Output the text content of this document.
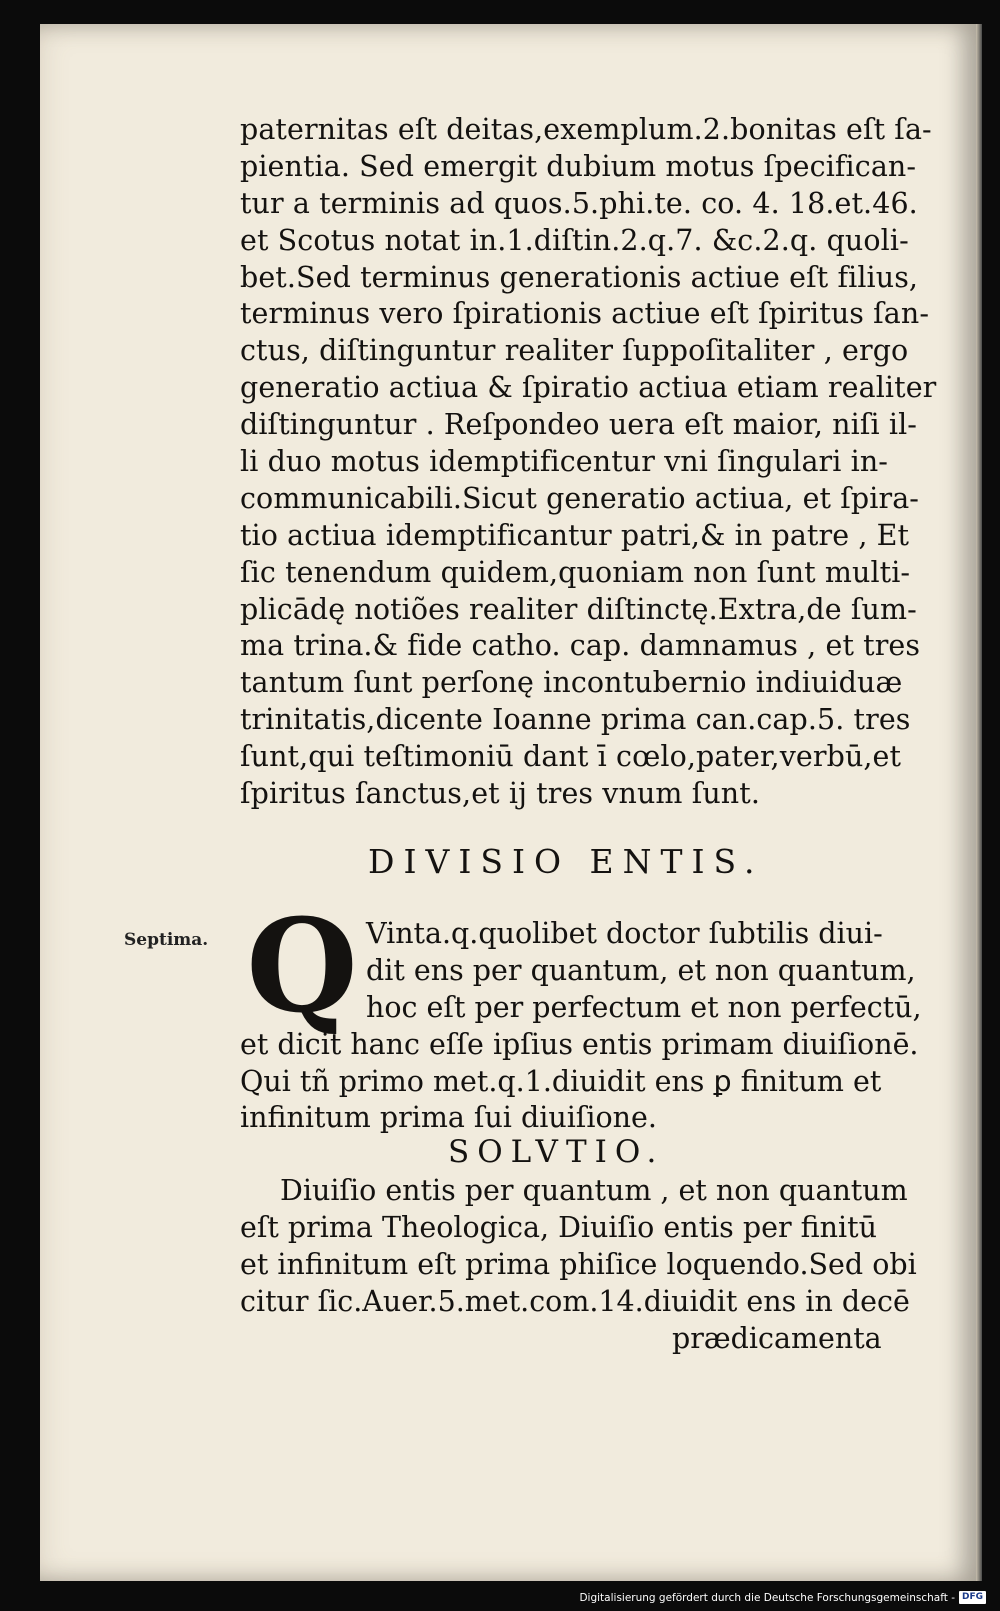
paternitas eſt deitas,exemplum.2.bonitas eſt ſa‑
pientia. Sed emergit dubium motus ſpecifican‑
tur a terminis ad quos.5.phi.te. co. 4. 18.et.46.
et Scotus notat in.1.diſtin.2.q.7. &c.2.q. quoli‑
bet.Sed terminus generationis actiue eſt filius,
terminus vero ſpirationis actiue eſt ſpiritus ſan‑
ctus, diſtinguntur realiter ſuppoſitaliter , ergo
generatio actiua & ſpiratio actiua etiam realiter
diſtinguntur . Reſpondeo uera eſt maior, niſi il‑
li duo motus idemptificentur vni ſingulari in‑
communicabili.Sicut generatio actiua, et ſpira‑
tio actiua idemptificantur patri,& in patre , Et
ſic tenendum quidem,quoniam non ſunt multi‑
plicādę notiões realiter diſtinctę.Extra,de ſum‑
ma trina.& fide catho. cap. damnamus , et tres
tantum ſunt perſonę incontubernio indiuiduæ
trinitatis,dicente Ioanne prima can.cap.5. tres
ſunt,qui teſtimoniū dant ī cœlo,pater,verbū,et
ſpiritus ſanctus,et ij tres vnum ſunt.
DIVISIO ENTIS.
Septima. Q Vinta.q.quolibet doctor ſubtilis diui‑
dit ens per quantum, et non quantum,
hoc eſt per perfectum et non perfectū,
et dicit hanc eſſe ipſius entis primam diuiſionē.
Qui tñ primo met.q.1.diuidit ens ꝑ finitum et
infinitum prima ſui diuiſione.
SOLVTIO.
Diuiſio entis per quantum , et non quantum
eſt prima Theologica, Diuiſio entis per finitū
et infinitum eſt prima phiſice loquendo.Sed obi
citur ſic.Auer.5.met.com.14.diuidit ens in decē
prædicamenta
Digitalisierung gefördert durch die Deutsche Forschungsgemeinschaft - DFG
